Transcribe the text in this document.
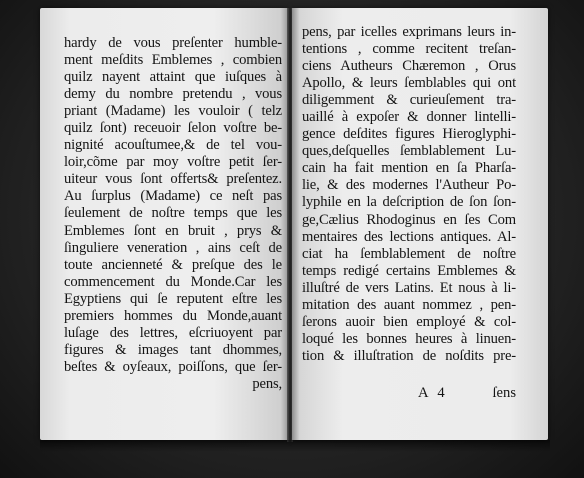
hardy de vous preſenter humble-
ment meſdits Emblemes , combien
quilz nayent attaint que iuſques à
demy du nombre pretendu , vous
priant (Madame) les vouloir ( telz
quilz ſont) receuoir ſelon voſtre be-
nignité acouſtumee,& de tel vou-
loir,cõme par moy voſtre petit ſer-
uiteur vous ſont offerts& preſentez.
Au ſurplus (Madame) ce neſt pas
ſeulement de noſtre temps que les
Emblemes ſont en bruit , prys &
ſinguliere veneration , ains ceſt de
toute ancienneté & preſque des le
commencement du Monde.Car les
Egyptiens qui ſe reputent eſtre les
premiers hommes du Monde,auant
luſage des lettres, eſcriuoyent par
figures & images tant dhommes,
beſtes & oyſeaux, poiſſons, que ſer-
pens,
pens, par icelles exprimans leurs in-
tentions , comme recitent treſan-
ciens Autheurs Chæremon , Orus
Apollo, & leurs ſemblables qui ont
diligemment & curieuſement tra-
uaillé à expoſer & donner lintelli-
gence deſdites figures Hieroglyphi-
ques,deſquelles ſemblablement Lu-
cain ha fait mention en ſa Pharſa-
lie, & des modernes l'Autheur Po-
lyphile en la deſcription de ſon ſon-
ge,Cælius Rhodoginus en ſes Com
mentaires des lections antiques. Al-
ciat ha ſemblablement de noſtre
temps redigé certains Emblemes &
illuſtré de vers Latins. Et nous à li-
mitation des auant nommez , pen-
ſerons auoir bien employé & col-
loqué les bonnes heures à linuen-
tion & illuſtration de noſdits pre-
A 4	ſens
